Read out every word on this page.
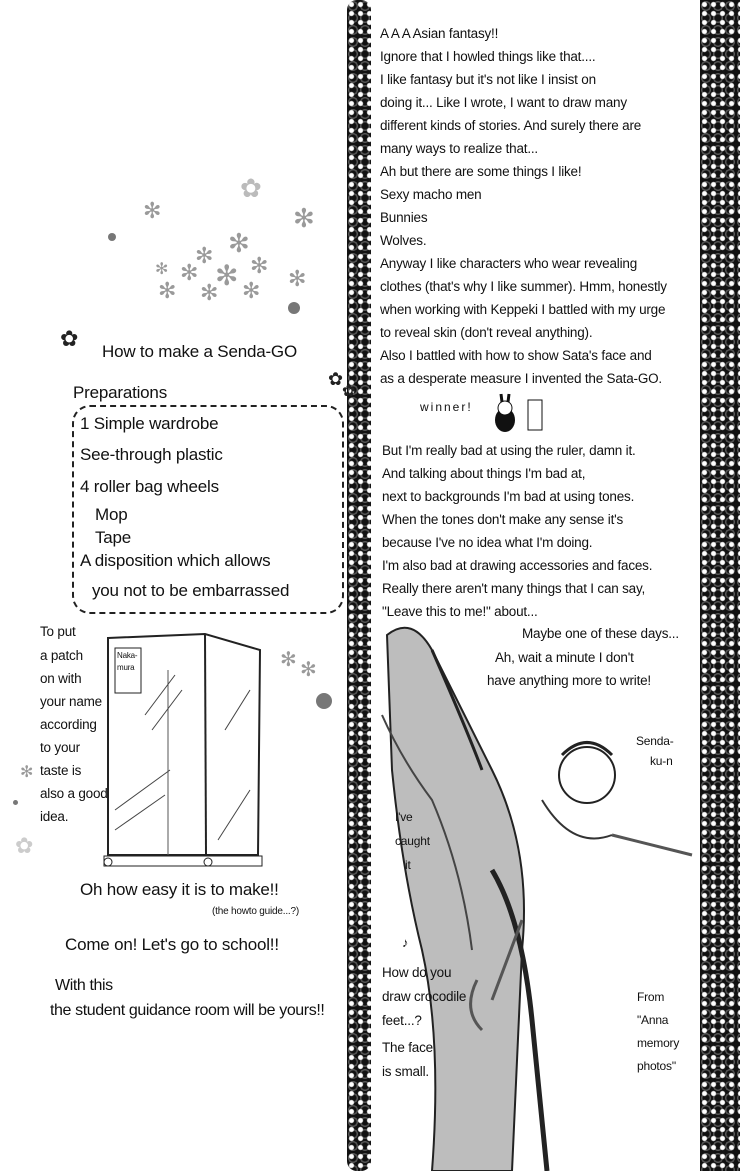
✿
✻	✻
✻
✻ ✻
✻
✻
✻	✻
✻ ✻ ✻
✻ ✻
✻
✿
✿
How to make a Senda-GO
✿
✿
Preparations
1 Simple wardrobe
See-through plastic
4 roller bag wheels
Mop
Tape
A disposition which allows
you not to be embarrassed
To put
a patch
on with
your name
according
to your
taste is
also a good
idea.
Naka-
mura
Oh how easy it is to make!!
(the howto guide...?)
Come on! Let's go to school!!
With this
the student guidance room will be yours!!
A A A Asian fantasy!!
Ignore that I howled things like that....
I like fantasy but it's not like I insist on
doing it... Like I wrote, I want to draw many
different kinds of stories. And surely there are
many ways to realize that...
Ah but there are some things I like!
Sexy macho men
Bunnies
Wolves.
Anyway I like characters who wear revealing
clothes (that's why I like summer). Hmm, honestly
when working with Keppeki I battled with my urge
to reveal skin (don't reveal anything).
Also I battled with how to show Sata's face and
as a desperate measure I invented the Sata-GO.
winner!
But I'm really bad at using the ruler, damn it.
And talking about things I'm bad at,
next to backgrounds I'm bad at using tones.
When the tones don't make any sense it's
because I've no idea what I'm doing.
I'm also bad at drawing accessories and faces.
Really there aren't many things that I can say,
"Leave this to me!" about...
Maybe one of these days...
Ah, wait a minute I don't
have anything more to write!
Senda-
ku-n
I've
caught
it
♪
How do you
draw crocodile
feet...?
The face
is small.
From
"Anna
memory
photos"
